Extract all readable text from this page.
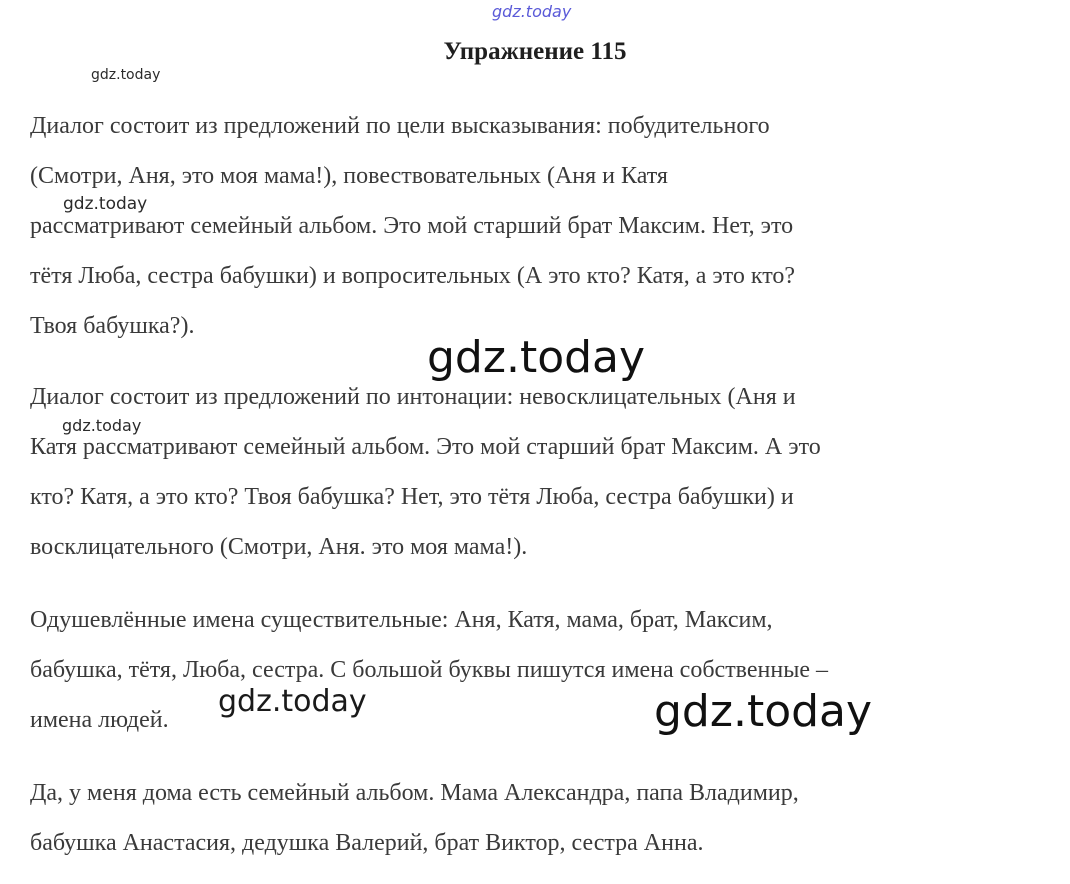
Упражнение 115

Диалог состоит из предложений по цели высказывания: побудительного
(Смотри, Аня, это моя мама!), повествовательных (Аня и Катя
рассматривают семейный альбом. Это мой старший брат Максим. Нет, это
тётя Люба, сестра бабушки) и вопросительных (А это кто? Катя, а это кто?
Твоя бабушка?).

Диалог состоит из предложений по интонации: невосклицательных (Аня и
Катя рассматривают семейный альбом. Это мой старший брат Максим. А это
кто? Катя, а это кто? Твоя бабушка? Нет, это тётя Люба, сестра бабушки) и
восклицательного (Смотри, Аня. это моя мама!).

Одушевлённые имена существительные: Аня, Катя, мама, брат, Максим,
бабушка, тётя, Люба, сестра. С большой буквы пишутся имена собственные –
имена людей.

Да, у меня дома есть семейный альбом. Мама Александра, папа Владимир,
бабушка Анастасия, дедушка Валерий, брат Виктор, сестра Анна.

gdz.today
gdz.today
gdz.today
gdz.today
gdz.today
gdz.today	gdz.today
